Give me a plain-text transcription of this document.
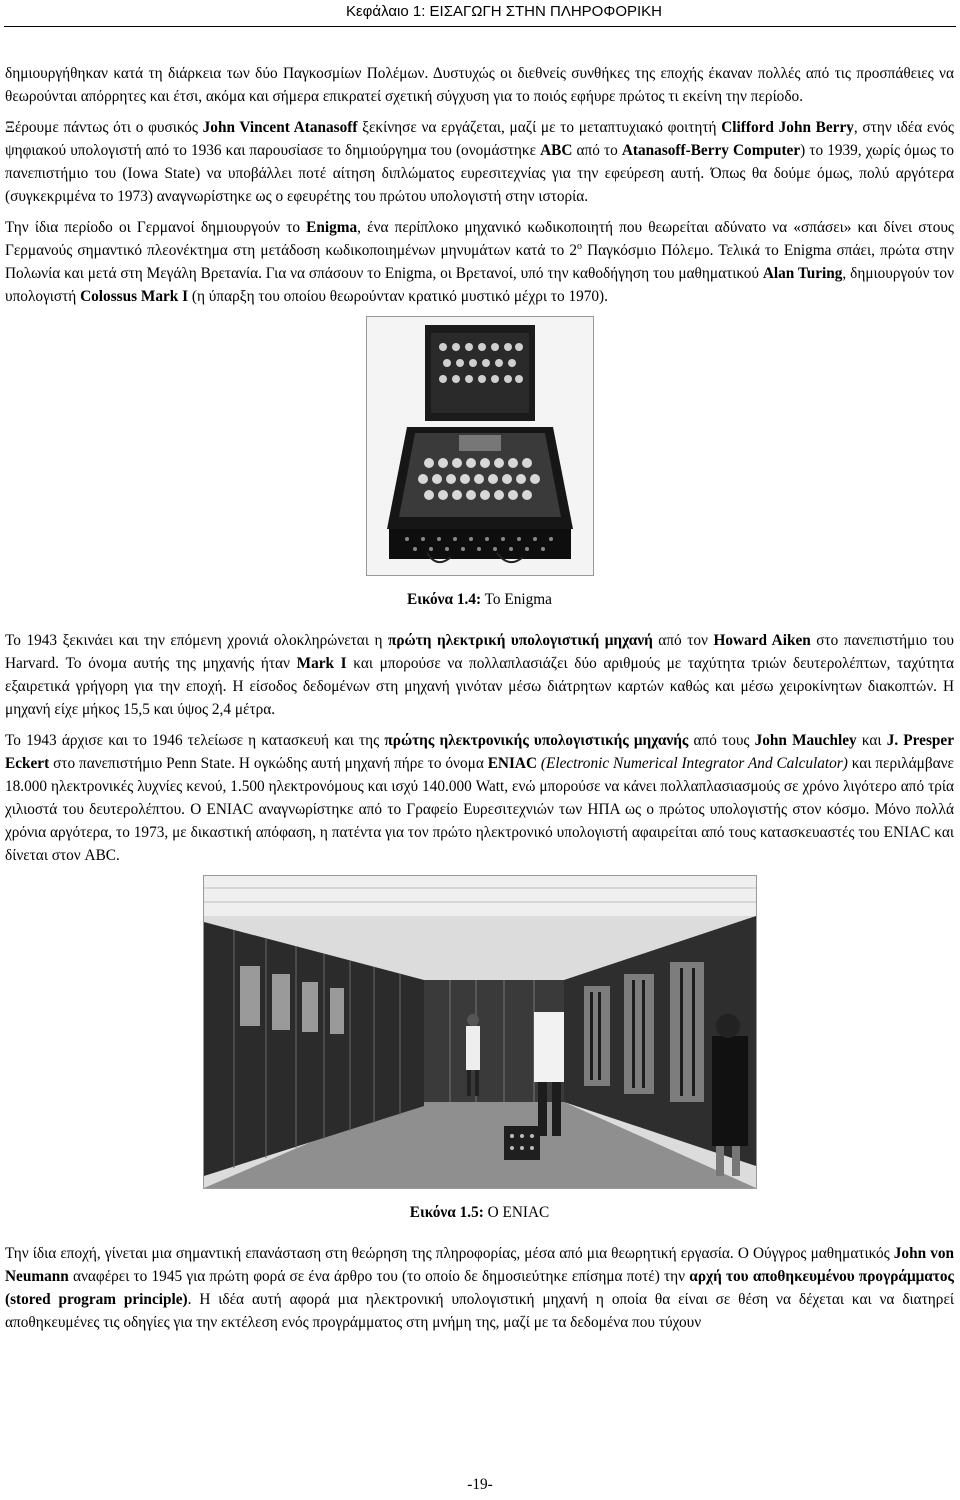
Κεφάλαιο 1: ΕΙΣΑΓΩΓΗ ΣΤΗΝ ΠΛΗΡΟΦΟΡΙΚΗ

δημιουργήθηκαν κατά τη διάρκεια των δύο Παγκοσμίων Πολέμων. Δυστυχώς οι διεθνείς συνθήκες της εποχής έκαναν πολλές από τις προσπάθειες να θεωρούνται απόρρητες και έτσι, ακόμα και σήμερα επικρατεί σχετική σύγχυση για το ποιός εφήυρε πρώτος τι εκείνη την περίοδο.

Ξέρουμε πάντως ότι ο φυσικός John Vincent Atanasoff ξεκίνησε να εργάζεται, μαζί με το μεταπτυχιακό φοιτητή Clifford John Berry, στην ιδέα ενός ψηφιακού υπολογιστή από το 1936 και παρουσίασε το δημιούργημα του (ονομάστηκε ABC από το Atanasoff-Berry Computer) το 1939, χωρίς όμως το πανεπιστήμιο του (Iowa State) να υποβάλλει ποτέ αίτηση διπλώματος ευρεσιτεχνίας για την εφεύρεση αυτή. Όπως θα δούμε όμως, πολύ αργότερα (συγκεκριμένα το 1973) αναγνωρίστηκε ως ο εφευρέτης του πρώτου υπολογιστή στην ιστορία.

Την ίδια περίοδο οι Γερμανοί δημιουργούν το Enigma, ένα περίπλοκο μηχανικό κωδικοποιητή που θεωρείται αδύνατο να «σπάσει» και δίνει στους Γερμανούς σημαντικό πλεονέκτημα στη μετάδοση κωδικοποιημένων μηνυμάτων κατά το $2^o$ Παγκόσμιο Πόλεμο. Τελικά το Enigma σπάει, πρώτα στην Πολωνία και μετά στη Μεγάλη Βρετανία. Για να σπάσουν το Enigma, οι Βρετανοί, υπό την καθοδήγηση του μαθηματικού Alan Turing, δημιουργούν τον υπολογιστή Colossus Mark I (η ύπαρξη του οποίου θεωρούνταν κρατικό μυστικό μέχρι το 1970).

Εικόνα 1.4: Το Enigma

Το 1943 ξεκινάει και την επόμενη χρονιά ολοκληρώνεται η πρώτη ηλεκτρική υπολογιστική μηχανή από τον Howard Aiken στο πανεπιστήμιο του Harvard. Το όνομα αυτής της μηχανής ήταν Mark I και μπορούσε να πολλαπλασιάζει δύο αριθμούς με ταχύτητα τριών δευτερολέπτων, ταχύτητα εξαιρετικά γρήγορη για την εποχή. Η είσοδος δεδομένων στη μηχανή γινόταν μέσω διάτρητων καρτών καθώς και μέσω χειροκίνητων διακοπτών. Η μηχανή είχε μήκος 15,5 και ύψος 2,4 μέτρα.

Το 1943 άρχισε και το 1946 τελείωσε η κατασκευή και της πρώτης ηλεκτρονικής υπολογιστικής μηχανής από τους John Mauchley και J. Presper Eckert στο πανεπιστήμιο Penn State. Η ογκώδης αυτή μηχανή πήρε το όνομα ENIAC (Electronic Numerical Integrator And Calculator) και περιλάμβανε 18.000 ηλεκτρονικές λυχνίες κενού, 1.500 ηλεκτρονόμους και ισχύ 140.000 Watt, ενώ μπορούσε να κάνει πολλαπλασιασμούς σε χρόνο λιγότερο από τρία χιλιοστά του δευτερολέπτου. Ο ENIAC αναγνωρίστηκε από το Γραφείο Ευρεσιτεχνιών των ΗΠΑ ως ο πρώτος υπολογιστής στον κόσμο. Μόνο πολλά χρόνια αργότερα, το 1973, με δικαστική απόφαση, η πατέντα για τον πρώτο ηλεκτρονικό υπολογιστή αφαιρείται από τους κατασκευαστές του ENIAC και δίνεται στον ABC.

Εικόνα 1.5: Ο ENIAC

Την ίδια εποχή, γίνεται μια σημαντική επανάσταση στη θεώρηση της πληροφορίας, μέσα από μια θεωρητική εργασία. Ο Ούγγρος μαθηματικός John von Neumann αναφέρει το 1945 για πρώτη φορά σε ένα άρθρο του (το οποίο δε δημοσιεύτηκε επίσημα ποτέ) την αρχή του αποθηκευμένου προγράμματος (stored program principle). Η ιδέα αυτή αφορά μια ηλεκτρονική υπολογιστική μηχανή η οποία θα είναι σε θέση να δέχεται και να διατηρεί αποθηκευμένες τις οδηγίες για την εκτέλεση ενός προγράμματος στη μνήμη της, μαζί με τα δεδομένα που τύχουν

-19-
